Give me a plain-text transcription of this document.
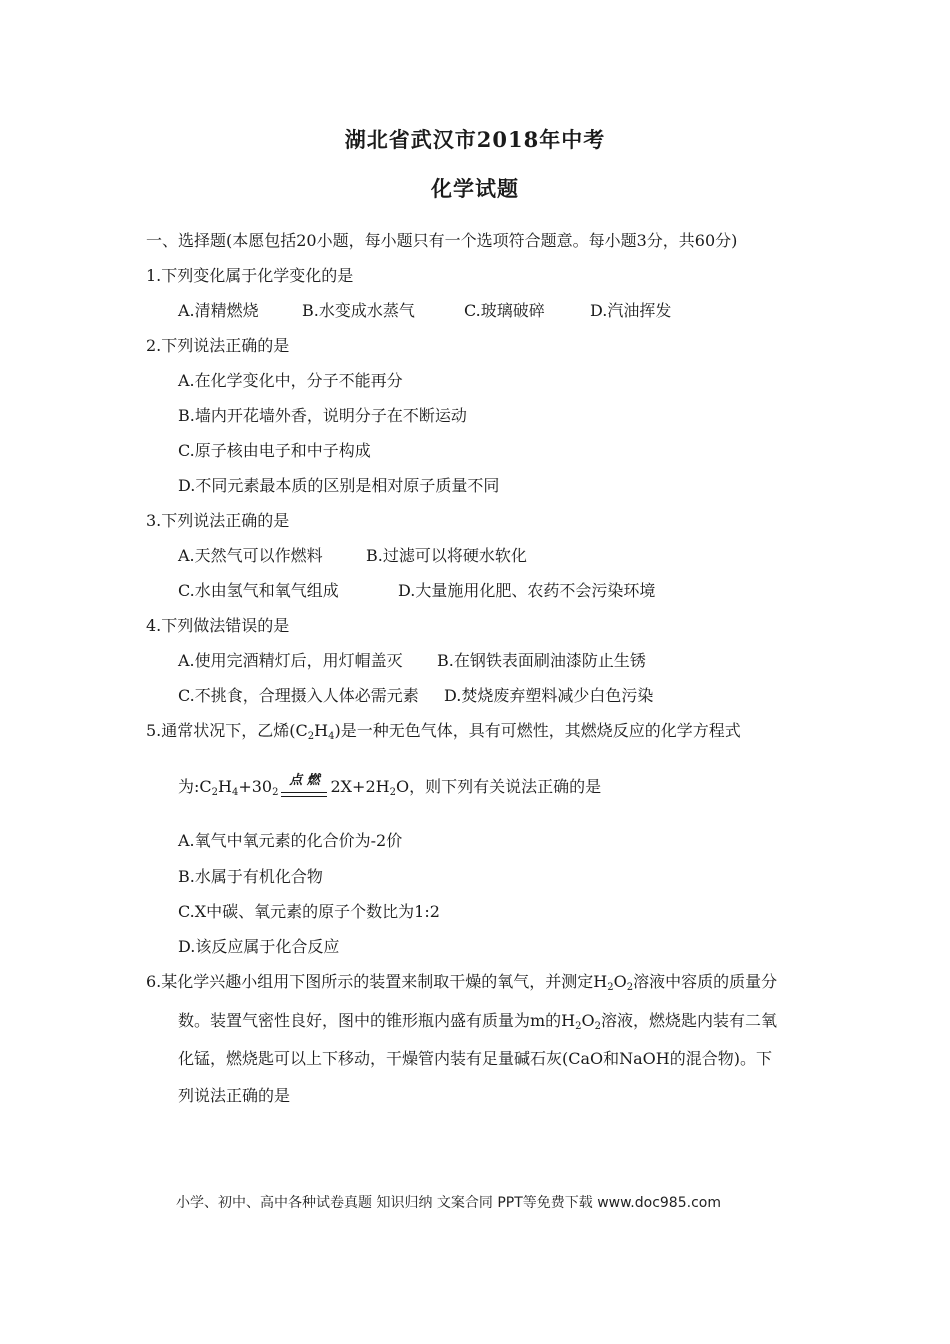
湖北省武汉市2018年中考
化学试题
一、选择题(本愿包括20小题，每小题只有一个选项符合题意。每小题3分，共60分)
1.下列变化属于化学变化的是
A.清精燃烧	B.水变成水蒸气	C.玻璃破碎	D.汽油挥发
2.下列说法正确的是
A.在化学变化中，分子不能再分
B.墙内开花墙外香，说明分子在不断运动
C.原子核由电子和中子构成
D.不同元素最本质的区别是相对原子质量不同
3.下列说法正确的是
A.天然气可以作燃料	B.过滤可以将硬水软化
C.水由氢气和氧气组成	D.大量施用化肥、农药不会污染环境
4.下列做法错误的是
A.使用完酒精灯后，用灯帽盖灭 B.在钢铁表面刷油漆防止生锈
C.不挑食，合理摄入人体必需元素 D.焚烧废弃塑料减少白色污染
5.通常状况下，乙烯$(C_2H_4)$是一种无色气体，具有可燃性，其燃烧反应的化学方程式
为$:C_2H_4+30_2$
点 燃 $2X+2H_2O$，则下列有关说法正确的是
A.氧气中氧元素的化合价为-2价
B.水属于有机化合物
C.X中碳、氧元素的原子个数比为1:2
D.该反应属于化合反应
6.某化学兴趣小组用下图所示的装置来制取干燥的氧气，并测定$H_2O_2$溶液中容质的质量分
数。装置气密性良好，图中的锥形瓶内盛有质量为m的$H_2O_2$溶液，燃烧匙内装有二氧
化锰，燃烧匙可以上下移动，干燥管内装有足量碱石灰(CaO和NaOH的混合物)。下
列说法正确的是
小学、初中、高中各种试卷真题 知识归纳 文案合同 PPT等免费下载 www.doc985.com
